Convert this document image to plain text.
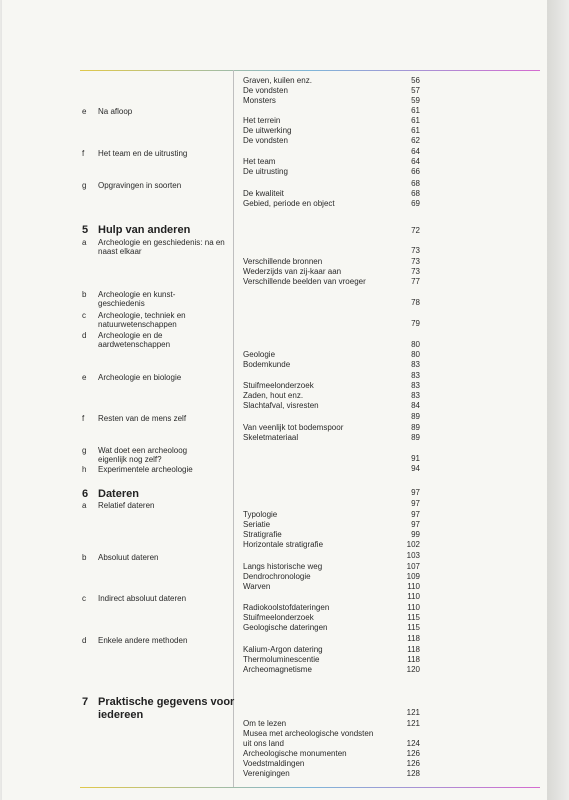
Graven, kuilen enz.	56
De vondsten	57
Monsters	59
e Na afloop	61
Het terrein	61
De uitwerking	61
De vondsten	62
f Het team en de uitrusting	64
Het team	64
De uitrusting	66
g Opgravingen in soorten	68
De kwaliteit	68
Gebied, periode en object	69
5 Hulp van anderen	72
a Archeologie en geschiedenis: na en naast elkaar	73
Verschillende bronnen	73
Wederzijds van zij-kaar aan	73
Verschillende beelden van vroeger	77
b Archeologie en kunst-geschiedenis	78
c Archeologie, techniek en natuurwetenschappen	79
d Archeologie en de aardwetenschappen	80
Geologie	80
Bodemkunde	83
e Archeologie en biologie	83
Stuifmeelonderzoek	83
Zaden, hout enz.	83
Slachtafval, visresten	84
f Resten van de mens zelf	89
Van veenlijk tot bodemspoor	89
Skeletmateriaal	89
g Wat doet een archeoloog eigenlijk nog zelf?	91
h Experimentele archeologie	94
6 Dateren	97
a Relatief dateren	97
Typologie	97
Seriatie	97
Stratigrafie	99
Horizontale stratigrafie	102
b Absoluut dateren	103
Langs historische weg	107
Dendrochronologie	109
Warven	110
c Indirect absoluut dateren	110
Radiokoolstofdateringen	110
Stuifmeelonderzoek	115
Geologische dateringen	115
d Enkele andere methoden	118
Kalium-Argon datering	118
Thermoluminescentie	118
Archeomagnetisme	120
7 Praktische gegevens voor
iedereen	121
Om te lezen	121
Musea met archeologische vondsten
uit ons land	124
Archeologische monumenten	126
Voedstmaldingen	126
Verenigingen	128
